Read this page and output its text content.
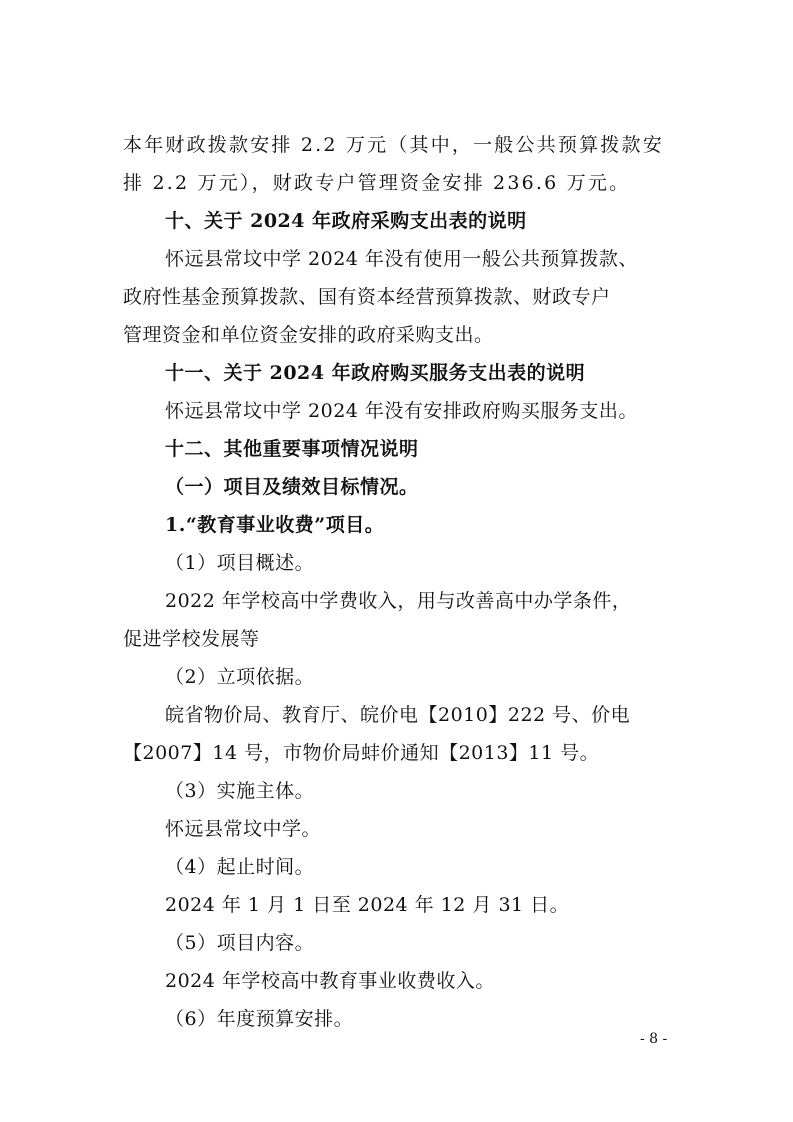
本年财政拨款安排 2.2 万元（其中，一般公共预算拨款安
排 2.2 万元），财政专户管理资金安排 236.6 万元。
十、关于 2024 年政府采购支出表的说明
怀远县常坟中学 2024 年没有使用一般公共预算拨款、
政府性基金预算拨款、国有资本经营预算拨款、财政专户
管理资金和单位资金安排的政府采购支出。
十一、关于 2024 年政府购买服务支出表的说明
怀远县常坟中学 2024 年没有安排政府购买服务支出。
十二、其他重要事项情况说明
（一）项目及绩效目标情况。
1.“教育事业收费”项目。
（1）项目概述。
2022 年学校高中学费收入，用与改善高中办学条件，
促进学校发展等
（2）立项依据。
皖省物价局、教育厅、皖价电【2010】222 号、价电
【2007】14 号，市物价局蚌价通知【2013】11 号。
（3）实施主体。
怀远县常坟中学。
（4）起止时间。
2024 年 1 月 1 日至 2024 年 12 月 31 日。
（5）项目内容。
2024 年学校高中教育事业收费收入。
（6）年度预算安排。
- 8 -
